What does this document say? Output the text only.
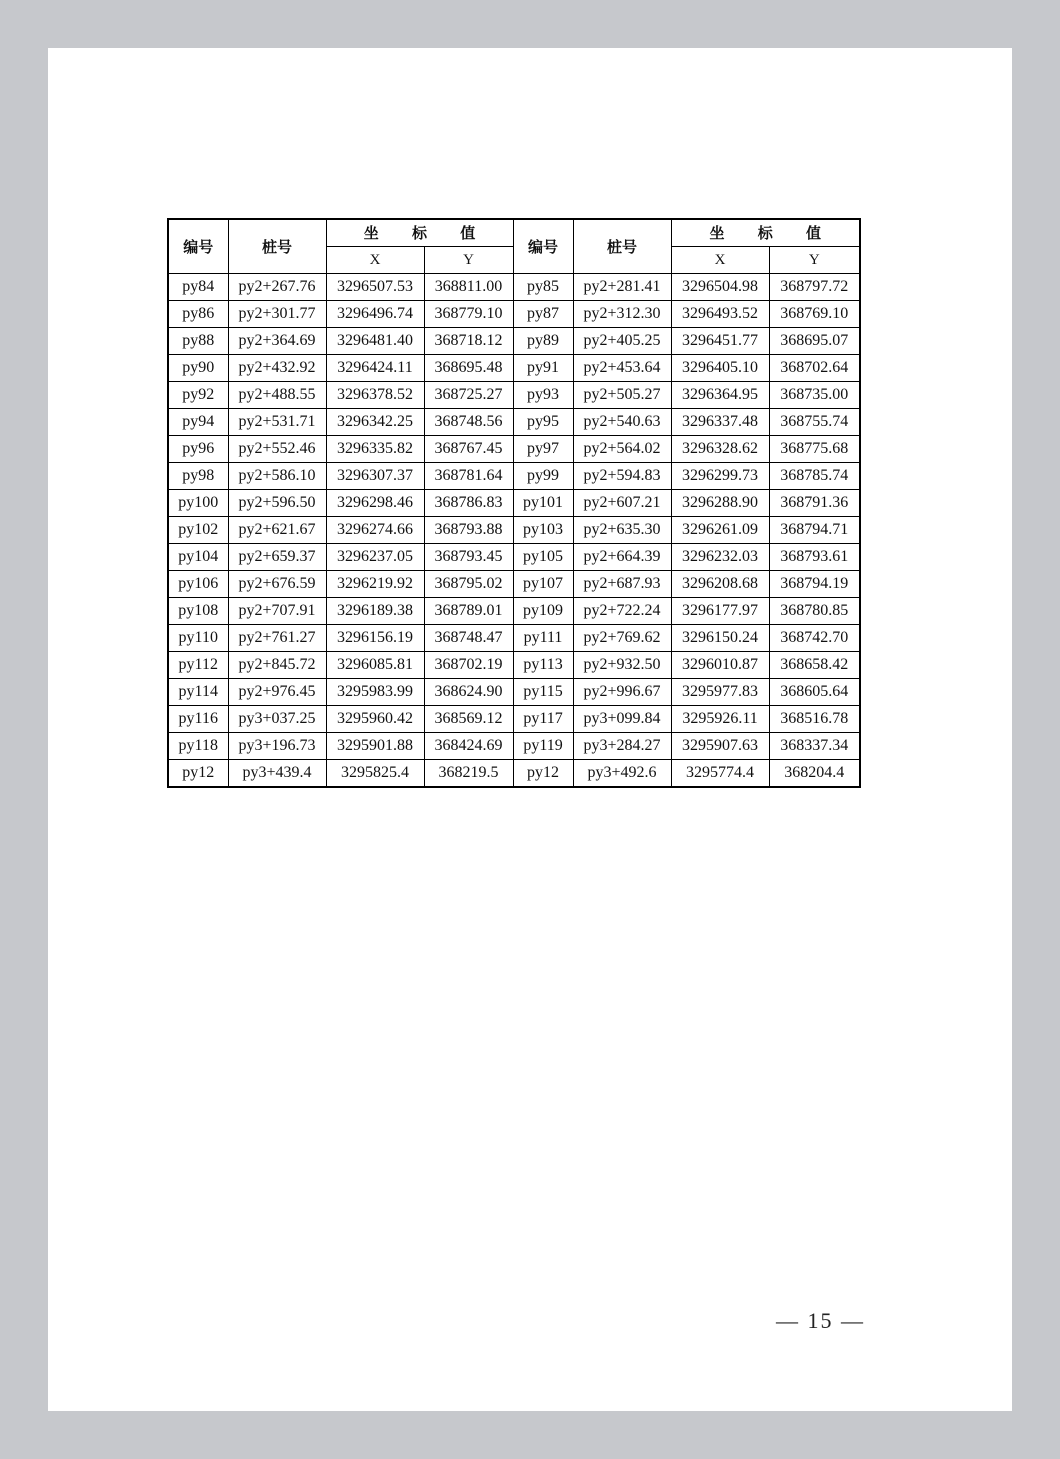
编号	桩号	坐 标 值		编号	桩号	坐 标 值	
		X	Y			X	Y
py84	py2+267.76	3296507.53	368811.00	py85	py2+281.41	3296504.98	368797.72
py86	py2+301.77	3296496.74	368779.10	py87	py2+312.30	3296493.52	368769.10
py88	py2+364.69	3296481.40	368718.12	py89	py2+405.25	3296451.77	368695.07
py90	py2+432.92	3296424.11	368695.48	py91	py2+453.64	3296405.10	368702.64
py92	py2+488.55	3296378.52	368725.27	py93	py2+505.27	3296364.95	368735.00
py94	py2+531.71	3296342.25	368748.56	py95	py2+540.63	3296337.48	368755.74
py96	py2+552.46	3296335.82	368767.45	py97	py2+564.02	3296328.62	368775.68
py98	py2+586.10	3296307.37	368781.64	py99	py2+594.83	3296299.73	368785.74
py100	py2+596.50	3296298.46	368786.83	py101	py2+607.21	3296288.90	368791.36
py102	py2+621.67	3296274.66	368793.88	py103	py2+635.30	3296261.09	368794.71
py104	py2+659.37	3296237.05	368793.45	py105	py2+664.39	3296232.03	368793.61
py106	py2+676.59	3296219.92	368795.02	py107	py2+687.93	3296208.68	368794.19
py108	py2+707.91	3296189.38	368789.01	py109	py2+722.24	3296177.97	368780.85
py110	py2+761.27	3296156.19	368748.47	py111	py2+769.62	3296150.24	368742.70
py112	py2+845.72	3296085.81	368702.19	py113	py2+932.50	3296010.87	368658.42
py114	py2+976.45	3295983.99	368624.90	py115	py2+996.67	3295977.83	368605.64
py116	py3+037.25	3295960.42	368569.12	py117	py3+099.84	3295926.11	368516.78
py118	py3+196.73	3295901.88	368424.69	py119	py3+284.27	3295907.63	368337.34
py12	py3+439.4	3295825.4	368219.5	py12	py3+492.6	3295774.4	368204.4
— 15 —
